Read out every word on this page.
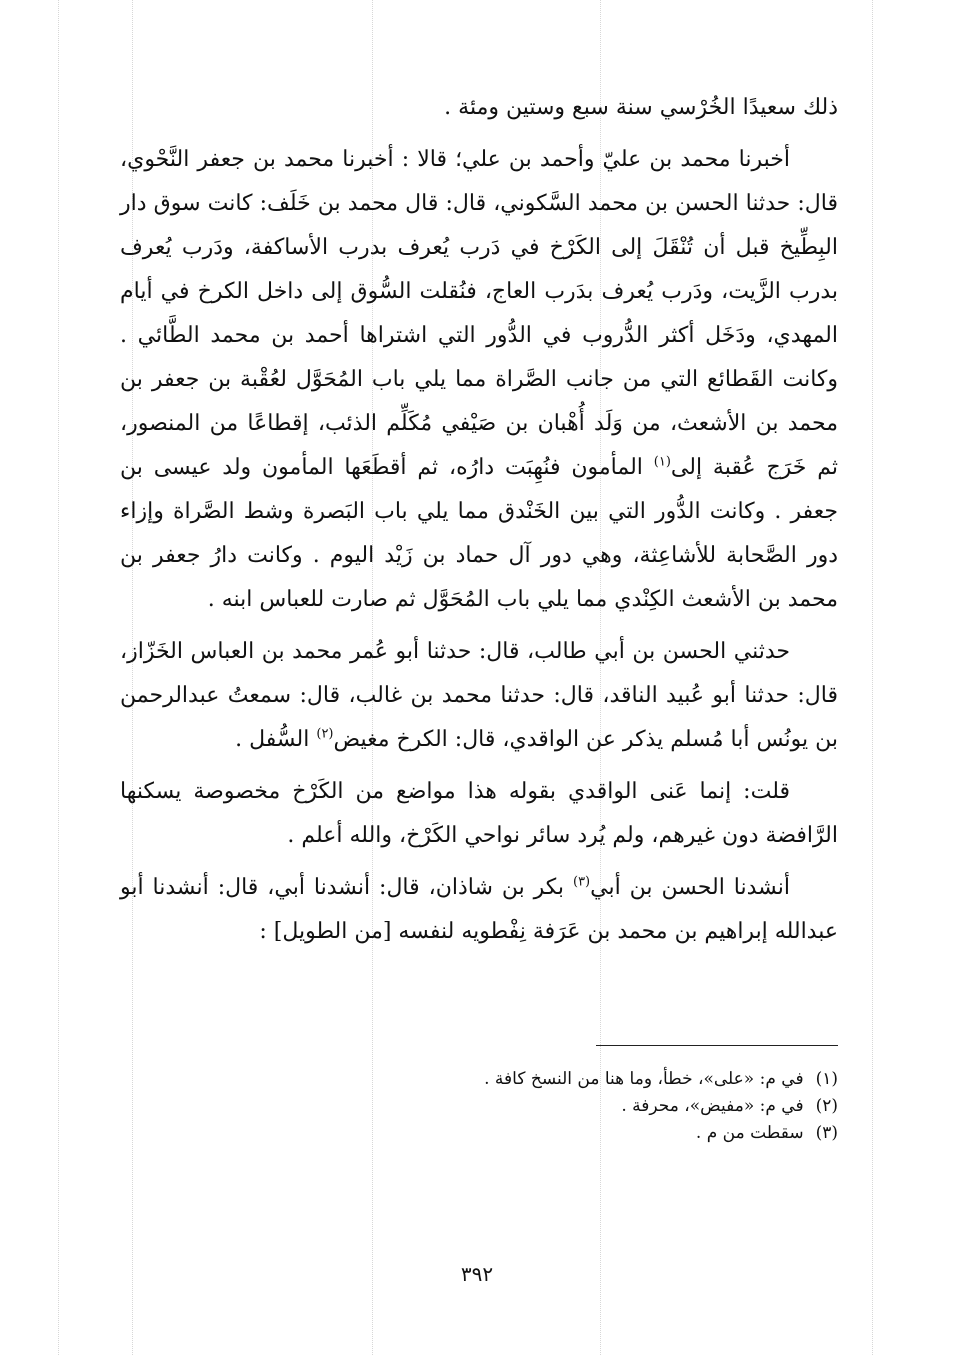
ذلك سعيدًا الخُرْسي سنة سبع وستين ومئة .

أخبرنا محمد بن عليّ وأحمد بن علي؛ قالا : أخبرنا محمد بن جعفر النَّحْوي، قال: حدثنا الحسن بن محمد السَّكوني، قال: قال محمد بن خَلَف: كانت سوق دار البِطِّيخ قبل أن تُنْقَلَ إلى الكَرْخ في دَرب يُعرف بدرب الأساكفة، ودَرب يُعرف بدرب الزَّيت، ودَرب يُعرف بدَرب العاج، فنُقلت السُّوق إلى داخل الكرخ في أيام المهدي، ودَخَل أكثر الدُّروب في الدُّور التي اشتراها أحمد بن محمد الطَّائي . وكانت القَطائع التي من جانب الصَّراة مما يلي باب المُحَوَّل لعُقْبة بن جعفر بن محمد بن الأشعث، من وَلَد أُهْبان بن صَيْفي مُكَلِّم الذئب، إقطاعًا من المنصور، ثم خَرَج عُقبة إلى$^{(١)}$ المأمون فنُهِبَت دارُه، ثم أقطَعَها المأمون ولد عيسى بن جعفر . وكانت الدُّور التي بين الخَنْدق مما يلي باب البَصرة وشط الصَّراة وإزاء دور الصَّحابة للأشاعِثة، وهي دور آل حماد بن زَيْد اليوم . وكانت دارُ جعفر بن محمد بن الأشعث الكِنْدي مما يلي باب المُحَوَّل ثم صارت للعباس ابنه .

حدثني الحسن بن أبي طالب، قال: حدثنا أبو عُمر محمد بن العباس الخَزّاز، قال: حدثنا أبو عُبيد الناقد، قال: حدثنا محمد بن غالب، قال: سمعتُ عبدالرحمن بن يونُس أبا مُسلم يذكر عن الواقدي، قال: الكرخ مغيض$^{(٢)}$ السُّفل .

قلت: إنما عَنى الواقدي بقوله هذا مواضع من الكَرْخ مخصوصة يسكنها الرَّافضة دون غيرهم، ولم يُرد سائر نواحي الكَرْخ، والله أعلم .

أنشدنا الحسن بن أبي$^{(٣)}$ بكر بن شاذان، قال: أنشدنا أبي، قال: أنشدنا أبو عبدالله إبراهيم بن محمد بن عَرَفة نِفْطويه لنفسه [من الطويل] :

(١)
في م: «على»، خطأ، وما هنا من النسخ كافة .
(٢)
في م: «مفيض»، محرفة .
(٣)
سقطت من م .
٣٩٢
